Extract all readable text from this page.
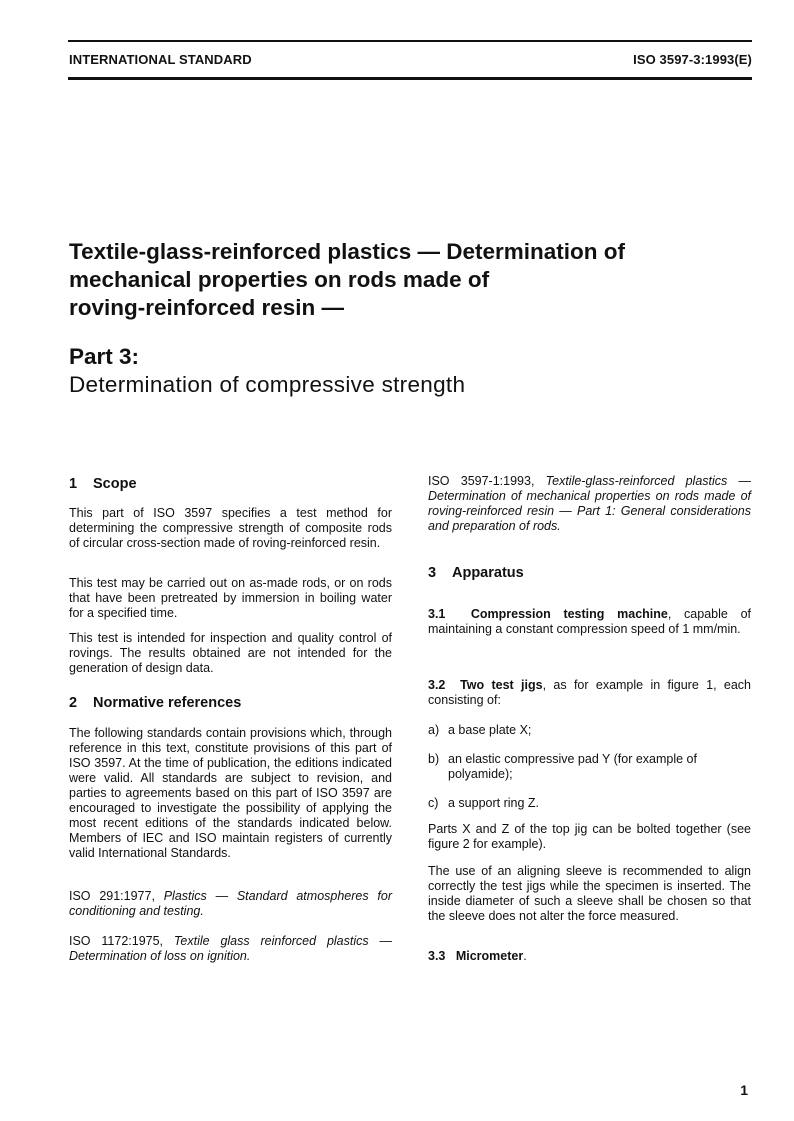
INTERNATIONAL STANDARD	ISO 3597-3:1993(E)
Textile-glass-reinforced plastics — Determination of
mechanical properties on rods made of
roving-reinforced resin —
Part 3:
Determination of compressive strength
1 Scope

This part of ISO 3597 specifies a test method for determining the compressive strength of composite rods of circular cross-section made of roving-reinforced resin.

This test may be carried out on as-made rods, or on rods that have been pretreated by immersion in boiling water for a specified time.

This test is intended for inspection and quality control of rovings. The results obtained are not intended for the generation of design data.

2 Normative references

The following standards contain provisions which, through reference in this text, constitute provisions of this part of ISO 3597. At the time of publication, the editions indicated were valid. All standards are subject to revision, and parties to agreements based on this part of ISO 3597 are encouraged to investigate the possibility of applying the most recent editions of the standards indicated below. Members of IEC and ISO maintain registers of currently valid International Standards.

ISO 291:1977, Plastics — Standard atmospheres for conditioning and testing.

ISO 1172:1975, Textile glass reinforced plastics — Determination of loss on ignition.

ISO 3597-1:1993, Textile-glass-reinforced plastics — Determination of mechanical properties on rods made of roving-reinforced resin — Part 1: General considerations and preparation of rods.

3 Apparatus

3.1 Compression testing machine, capable of maintaining a constant compression speed of 1 mm/min.

3.2 Two test jigs, as for example in figure 1, each consisting of:

a) a base plate X;

b) an elastic compressive pad Y (for example of
polyamide);

c) a support ring Z.

Parts X and Z of the top jig can be bolted together (see figure 2 for example).

The use of an aligning sleeve is recommended to align correctly the test jigs while the specimen is inserted. The inside diameter of such a sleeve shall be chosen so that the sleeve does not alter the force measured.

3.3 Micrometer.

1
